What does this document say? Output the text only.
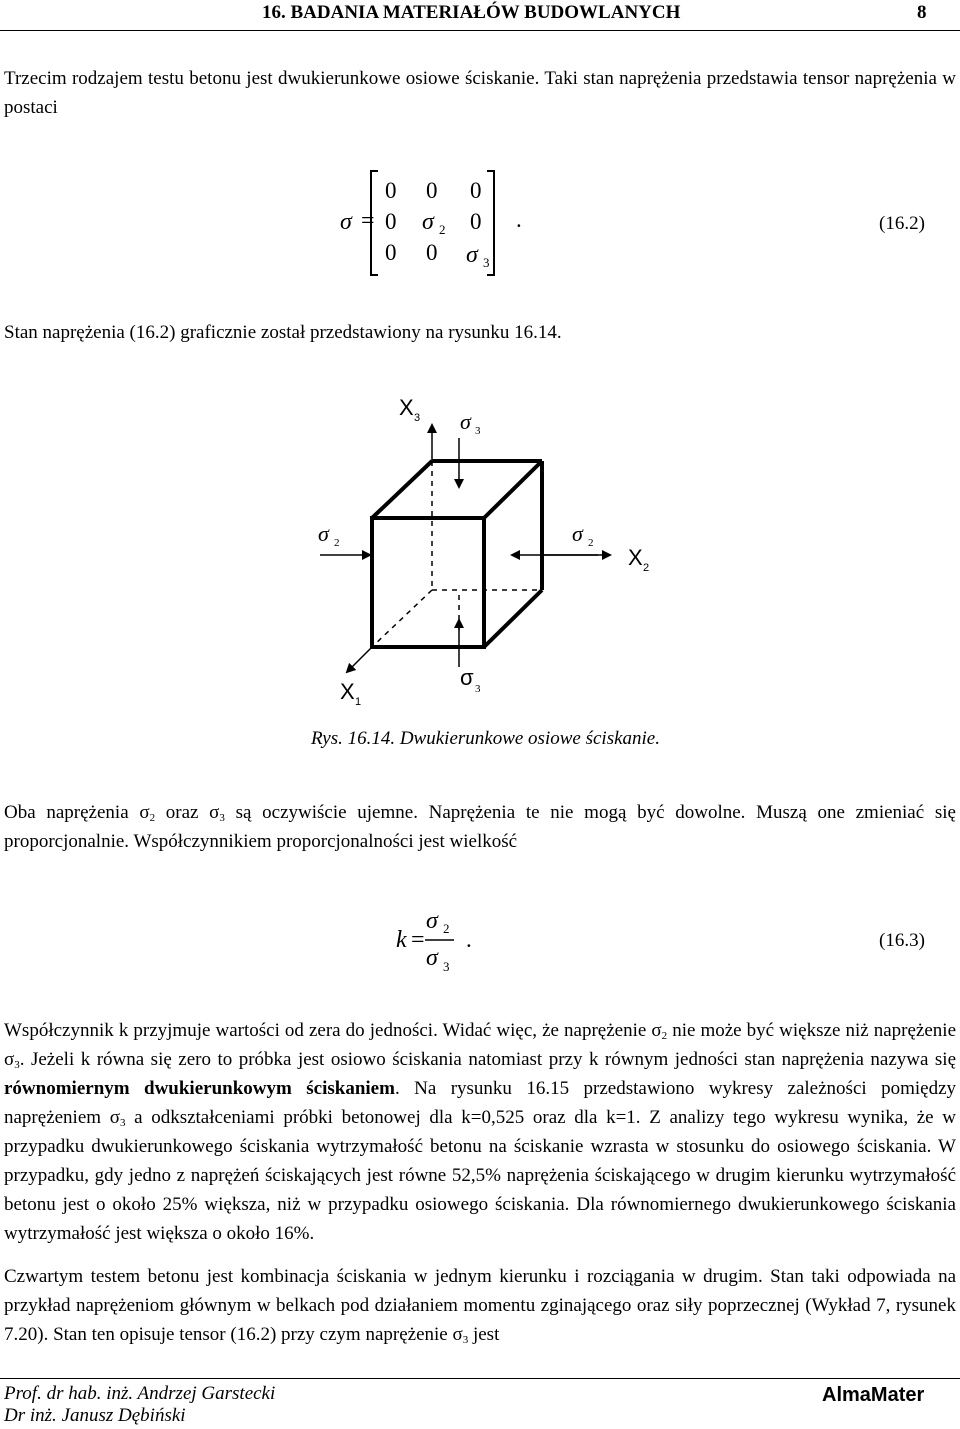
16. BADANIA MATERIAŁÓW BUDOWLANYCH	8
Trzecim rodzajem testu betonu jest dwukierunkowe osiowe ściskanie. Taki stan naprężenia przedstawia tensor naprężenia w postaci
σ =
0 0 0
0 σ 2 0
0 0 σ 3
.	(16.2)
Stan naprężenia (16.2) graficznie został przedstawiony na rysunku 16.14.
X 3 σ 3
σ 2	σ 2
X 2
X 1
σ 3
Rys. 16.14. Dwukierunkowe osiowe ściskanie.
Oba naprężenia $\sigma_2$ oraz $\sigma_3$ są oczywiście ujemne. Naprężenia te nie mogą być dowolne. Muszą one zmieniać się proporcjonalnie. Współczynnikiem proporcjonalności jest wielkość
k =
σ 2
σ 3
.	(16.3)
Współczynnik k przyjmuje wartości od zera do jedności. Widać więc, że naprężenie $\sigma_2$ nie może być większe niż naprężenie $\sigma_3$. Jeżeli k równa się zero to próbka jest osiowo ściskania natomiast przy k równym jedności stan naprężenia nazywa się równomiernym dwukierunkowym ściskaniem. Na rysunku 16.15 przedstawiono wykresy zależności pomiędzy naprężeniem $\sigma_3$ a odkształceniami próbki betonowej dla k=0,525 oraz dla k=1. Z analizy tego wykresu wynika, że w przypadku dwukierunkowego ściskania wytrzymałość betonu na ściskanie wzrasta w stosunku do osiowego ściskania. W przypadku, gdy jedno z naprężeń ściskających jest równe 52,5% naprężenia ściskającego w drugim kierunku wytrzymałość betonu jest o około 25% większa, niż w przypadku osiowego ściskania. Dla równomiernego dwukierunkowego ściskania wytrzymałość jest większa o około 16%.
Czwartym testem betonu jest kombinacja ściskania w jednym kierunku i rozciągania w drugim. Stan taki odpowiada na przykład naprężeniom głównym w belkach pod działaniem momentu zginającego oraz siły poprzecznej (Wykład 7, rysunek 7.20). Stan ten opisuje tensor (16.2) przy czym naprężenie $\sigma_3$ jest
Prof. dr hab. inż. Andrzej Garstecki
Dr inż. Janusz Dębiński
AlmaMater
